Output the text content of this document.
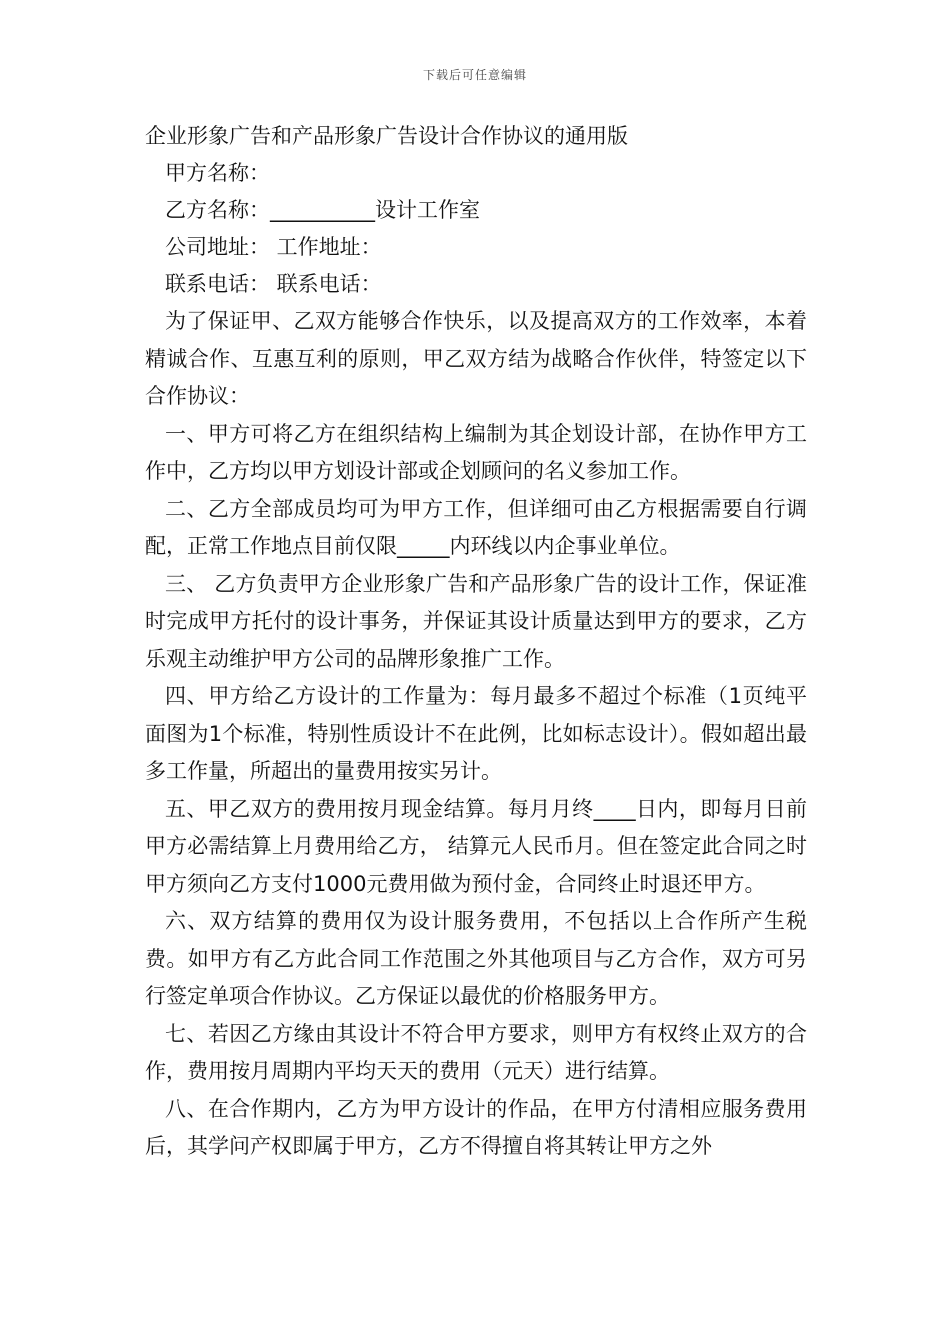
下载后可任意编辑
企业形象广告和产品形象广告设计合作协议的通用版
甲方名称：
乙方名称：__________设计工作室
公司地址： 工作地址：
联系电话： 联系电话：

为了保证甲、乙双方能够合作快乐，以及提高双方的工作效率，本着精诚合作、互惠互利的原则，甲乙双方结为战略合作伙伴，特签定以下合作协议：

一、甲方可将乙方在组织结构上编制为其企划设计部，在协作甲方工作中，乙方均以甲方划设计部或企划顾问的名义参加工作。

二、乙方全部成员均可为甲方工作，但详细可由乙方根据需要自行调配，正常工作地点目前仅限_____内环线以内企事业单位。

三、 乙方负责甲方企业形象广告和产品形象广告的设计工作，保证准时完成甲方托付的设计事务，并保证其设计质量达到甲方的要求，乙方乐观主动维护甲方公司的品牌形象推广工作。

四、甲方给乙方设计的工作量为：每月最多不超过个标准（1页纯平面图为1个标准，特别性质设计不在此例，比如标志设计）。假如超出最多工作量，所超出的量费用按实另计。

五、甲乙双方的费用按月现金结算。每月月终____日内，即每月日前甲方必需结算上月费用给乙方， 结算元人民币月。但在签定此合同之时甲方须向乙方支付1000元费用做为预付金，合同终止时退还甲方。

六、双方结算的费用仅为设计服务费用，不包括以上合作所产生税费。如甲方有乙方此合同工作范围之外其他项目与乙方合作，双方可另行签定单项合作协议。乙方保证以最优的价格服务甲方。

七、若因乙方缘由其设计不符合甲方要求，则甲方有权终止双方的合作，费用按月周期内平均天天的费用（元天）进行结算。

八、在合作期内，乙方为甲方设计的作品，在甲方付清相应服务费用后，其学问产权即属于甲方，乙方不得擅自将其转让甲方之外
